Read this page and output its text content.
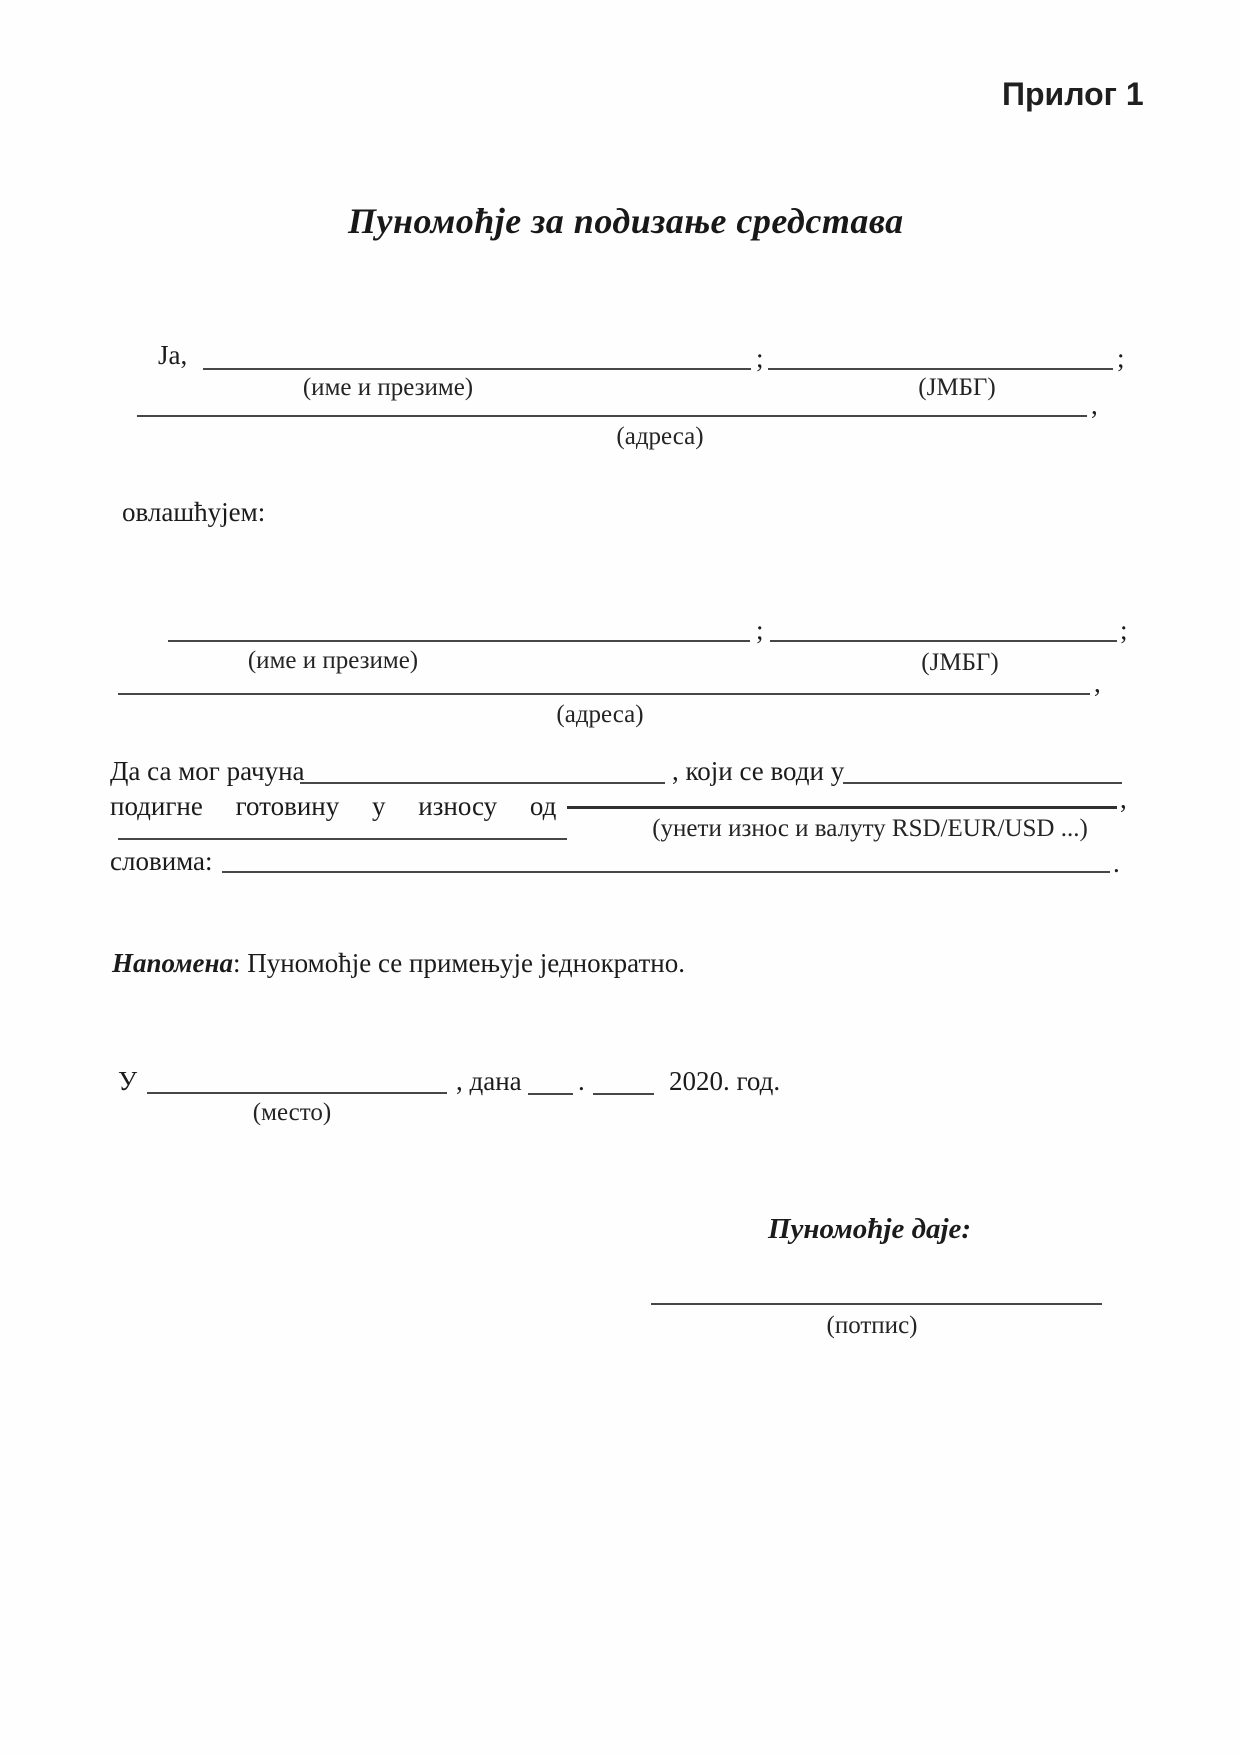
Прилог 1
Пуномоћје за подизање средстава
Ја,	;	;
(име и презиме)	(ЈМБГ)
,
(адреса)
овлашћујем:
;	;
(име и презиме)	(ЈМБГ)
,
(адреса)
Да са мог рачуна	, који се води у
подигне готовину у износу од	,
(унети износ и валуту RSD/EUR/USD ...)
словима:	.
Напомена: Пуномоћје се примењује једнократно.
У	, дана .	2020. год.
(место)
Пуномоћје даје:
(потпис)
